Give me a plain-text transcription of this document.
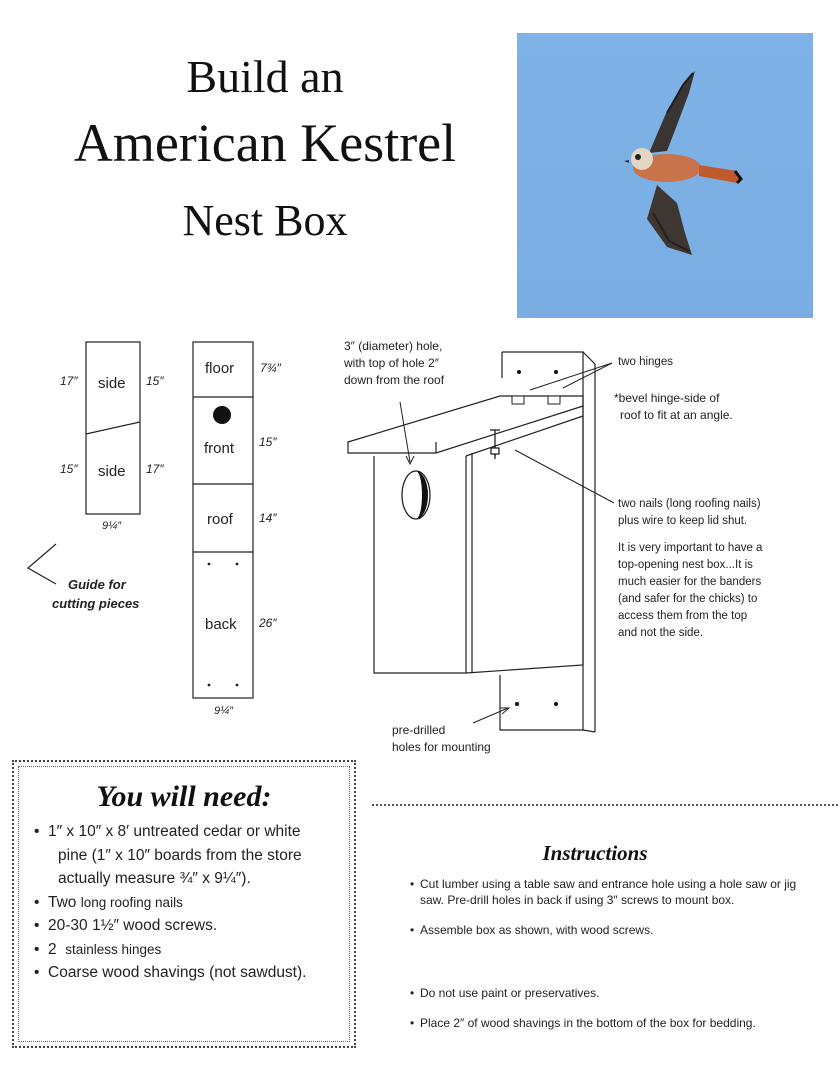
Build an
American Kestrel
Nest Box
side
side
17″	15″
15″	17″
9¼″
floor 7¾″
front 15″
roof 14″
back 26″
9¼″
3″ (diameter) hole, with top of hole 2″ down from the roof
two hinges
*bevel hinge-side of roof to fit at an angle.
two nails (long roofing nails) plus wire to keep lid shut.
It is very important to have a top-opening nest box...It is much easier for the banders (and safer for the chicks) to access them from the top and not the side.
pre-drilled holes for mounting
Guide for
cutting pieces
You will need:
• 1″ x 10″ x 8′ untreated cedar or white
pine (1″ x 10″ boards from the store
actually measure ¾″ x 9¼″).
• Two long roofing nails
• 20-30 1½″ wood screws.
• 2 stainless hinges
• Coarse wood shavings (not sawdust).
Instructions
• Cut lumber using a table saw and entrance hole using a hole saw or jig saw. Pre-drill holes in back if using 3″ screws to mount box.
• Assemble box as shown, with wood screws.
• Do not use paint or preservatives.
• Place 2″ of wood shavings in the bottom of the box for bedding.
